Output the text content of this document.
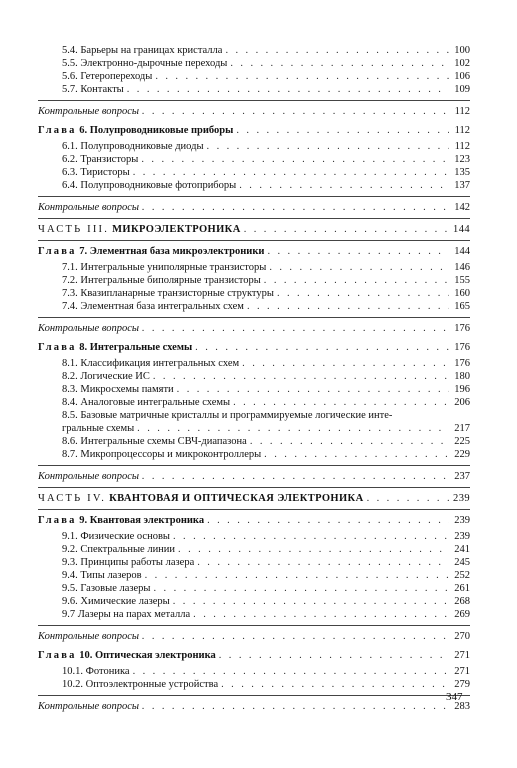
5.4. Барьеры на границах кристалла . . .	100
5.5. Электронно-дырочные переходы . . .	102
5.6. Гетеропереходы . . .	106
5.7. Контакты . . .	109
Контрольные вопросы . . .	112
Глава 6. Полупроводниковые приборы . . .	112
6.1. Полупроводниковые диоды . . .	112
6.2. Транзисторы . . .	123
6.3. Тиристоры . . .	135
6.4. Полупроводниковые фотоприборы . . .	137
Контрольные вопросы . . .	142
ЧАСТЬ III. МИКРОЭЛЕКТРОНИКА . . .	144
Глава 7. Элементная база микроэлектроники . . .	144
7.1. Интегральные униполярные транзисторы . . .	146
7.2. Интегральные биполярные транзисторы . . .	155
7.3. Квазипланарные транзисторные структуры . . .	160
7.4. Элементная база интегральных схем . . .	165
Контрольные вопросы . . .	176
Глава 8. Интегральные схемы . . .	176
8.1. Классификация интегральных схем . . .	176
8.2. Логические ИС . . .	180
8.3. Микросхемы памяти . . .	196
8.4. Аналоговые интегральные схемы . . .	206
8.5. Базовые матричные кристаллы и программируемые логические инте-
гральные схемы . . .	217
8.6. Интегральные схемы СВЧ-диапазона . . .	225
8.7. Микропроцессоры и микроконтроллеры . . .	229
Контрольные вопросы . . .	237
ЧАСТЬ IV. КВАНТОВАЯ И ОПТИЧЕСКАЯ ЭЛЕКТРОНИКА . . .	239
Глава 9. Квантовая электроника . . .	239
9.1. Физические основы . . .	239
9.2. Спектральные линии . . .	241
9.3. Принципы работы лазера . . .	245
9.4. Типы лазеров . . .	252
9.5. Газовые лазеры . . .	261
9.6. Химические лазеры . . .	268
9.7 Лазеры на парах металла . . .	269
Контрольные вопросы . . .	270
Глава 10. Оптическая электроника . . .	271
10.1. Фотоника . . .	271
10.2. Оптоэлектронные устройства . . .	279
Контрольные вопросы . . .	283
347
